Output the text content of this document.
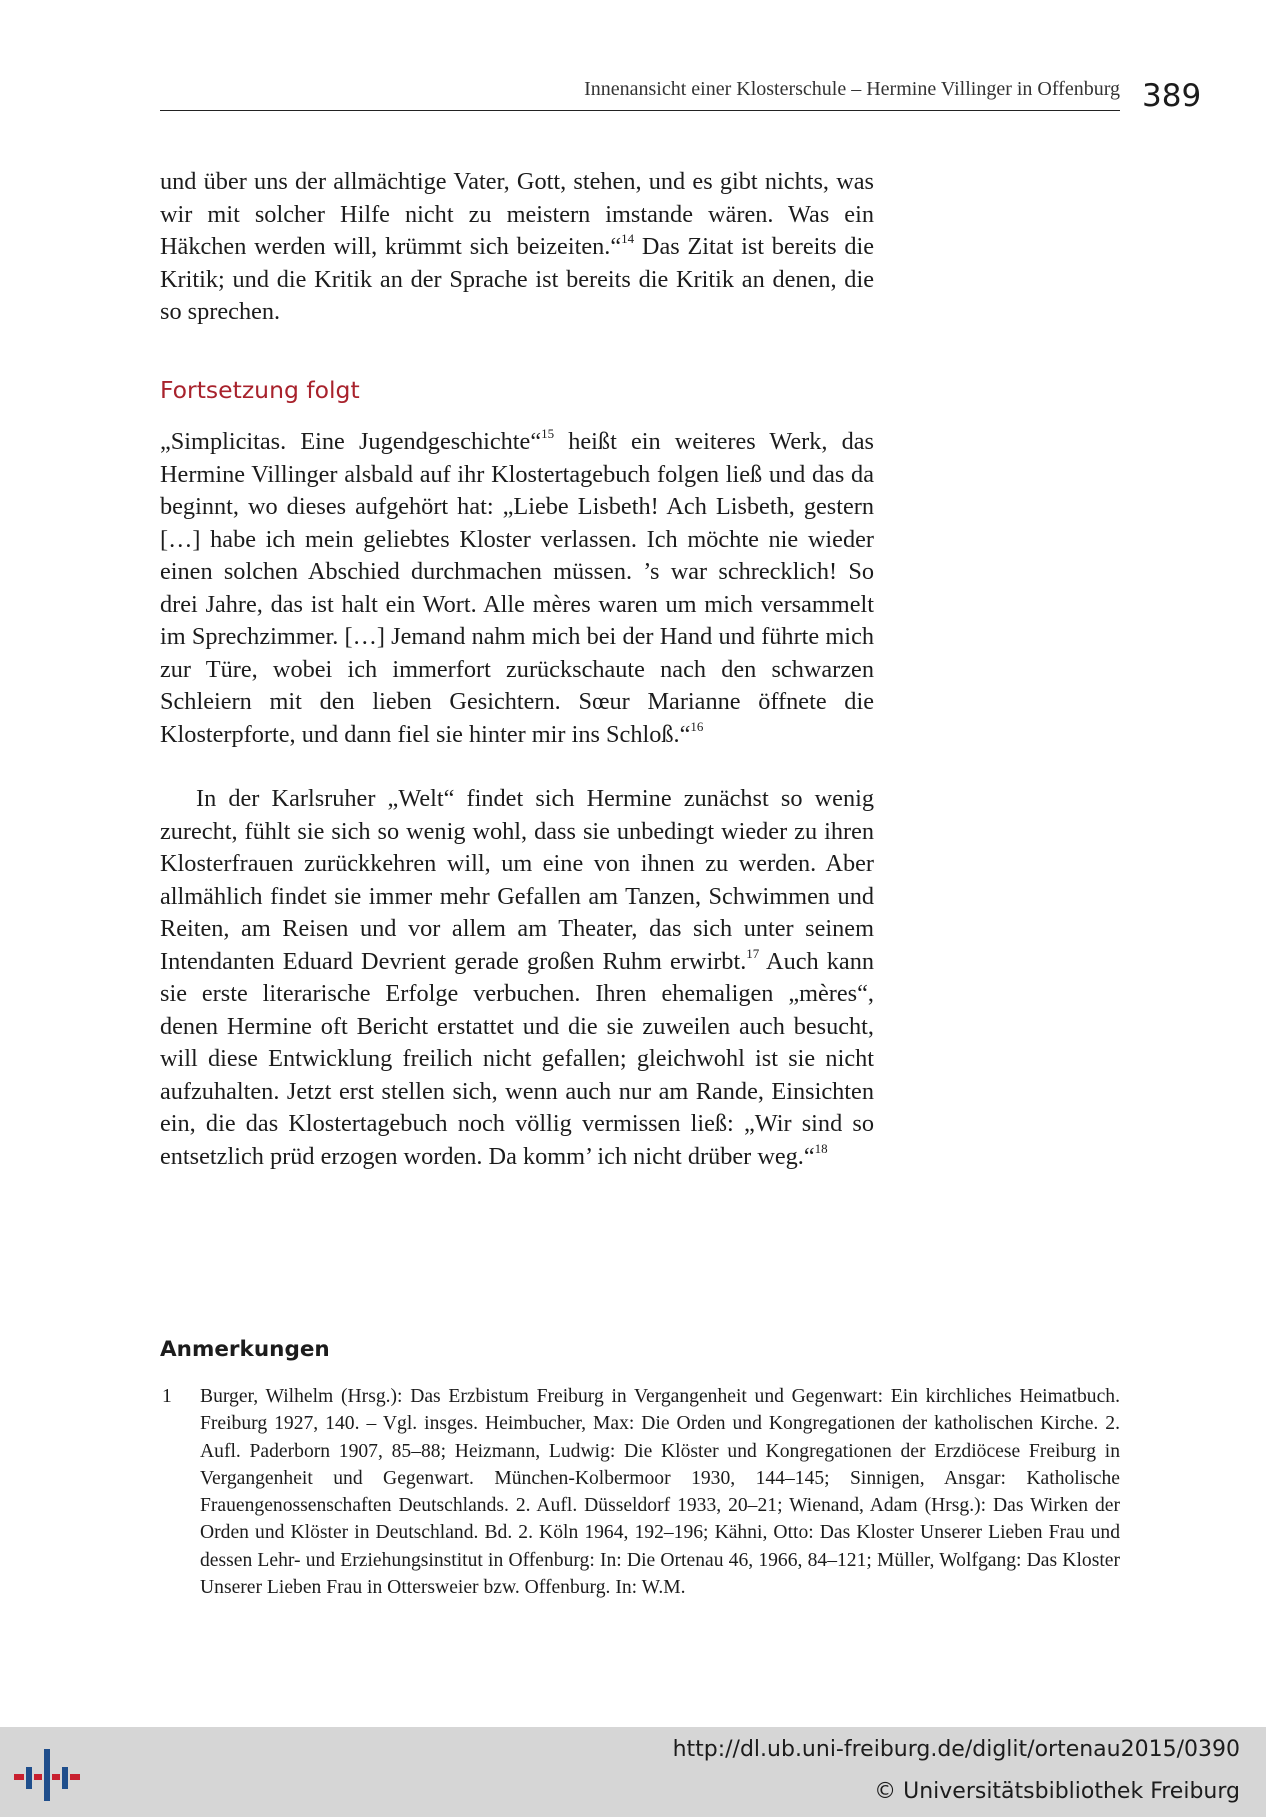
Innenansicht einer Klosterschule – Hermine Villinger in Offenburg 389

und über uns der allmächtige Vater, Gott, stehen, und es gibt nichts, was wir mit solcher Hilfe nicht zu meistern imstande wären. Was ein Häkchen werden will, krümmt sich beizeiten.“$^{14}$ Das Zitat ist bereits die Kritik; und die Kritik an der Sprache ist bereits die Kritik an denen, die so sprechen.

Fortsetzung folgt

„Simplicitas. Eine Jugendgeschichte“$^{15}$ heißt ein weiteres Werk, das Hermine Villinger alsbald auf ihr Klostertagebuch folgen ließ und das da beginnt, wo dieses aufgehört hat: „Liebe Lisbeth! Ach Lisbeth, gestern […] habe ich mein geliebtes Kloster verlassen. Ich möchte nie wieder einen solchen Abschied durchmachen müssen. ’s war schrecklich! So drei Jahre, das ist halt ein Wort. Alle mères waren um mich versammelt im Sprechzimmer. […] Jemand nahm mich bei der Hand und führte mich zur Türe, wobei ich immerfort zurückschaute nach den schwarzen Schleiern mit den lieben Gesichtern. Sœur Marianne öffnete die Klosterpforte, und dann fiel sie hinter mir ins Schloß.“$^{16}$

In der Karlsruher „Welt“ findet sich Hermine zunächst so wenig zurecht, fühlt sie sich so wenig wohl, dass sie unbedingt wieder zu ihren Klosterfrauen zurückkehren will, um eine von ihnen zu werden. Aber allmählich findet sie immer mehr Gefallen am Tanzen, Schwimmen und Reiten, am Reisen und vor allem am Theater, das sich unter seinem Intendanten Eduard Devrient gerade großen Ruhm erwirbt.$^{17}$ Auch kann sie erste literarische Erfolge verbuchen. Ihren ehemaligen „mères“, denen Hermine oft Bericht erstattet und die sie zuweilen auch besucht, will diese Entwicklung freilich nicht gefallen; gleichwohl ist sie nicht aufzuhalten. Jetzt erst stellen sich, wenn auch nur am Rande, Einsichten ein, die das Klostertagebuch noch völlig vermissen ließ: „Wir sind so entsetzlich prüd erzogen worden. Da komm’ ich nicht drüber weg.“$^{18}$

Anmerkungen
1 Burger, Wilhelm (Hrsg.): Das Erzbistum Freiburg in Vergangenheit und Gegenwart: Ein kirchliches Heimatbuch. Freiburg 1927, 140. – Vgl. insges. Heimbucher, Max: Die Orden und Kongregationen der katholischen Kirche. 2. Aufl. Paderborn 1907, 85–88; Heizmann, Ludwig: Die Klöster und Kongregationen der Erzdiöcese Freiburg in Vergangenheit und Gegenwart. München-Kolbermoor 1930, 144–145; Sinnigen, Ansgar: Katholische Frauengenossenschaften Deutschlands. 2. Aufl. Düsseldorf 1933, 20–21; Wienand, Adam (Hrsg.): Das Wirken der Orden und Klöster in Deutschland. Bd. 2. Köln 1964, 192–196; Kähni, Otto: Das Kloster Unserer Lieben Frau und dessen Lehr- und Erziehungsinstitut in Offenburg: In: Die Ortenau 46, 1966, 84–121; Müller, Wolfgang: Das Kloster Unserer Lieben Frau in Ottersweier bzw. Offenburg. In: W.M.

http://dl.ub.uni-freiburg.de/diglit/ortenau2015/0390
© Universitätsbibliothek Freiburg
